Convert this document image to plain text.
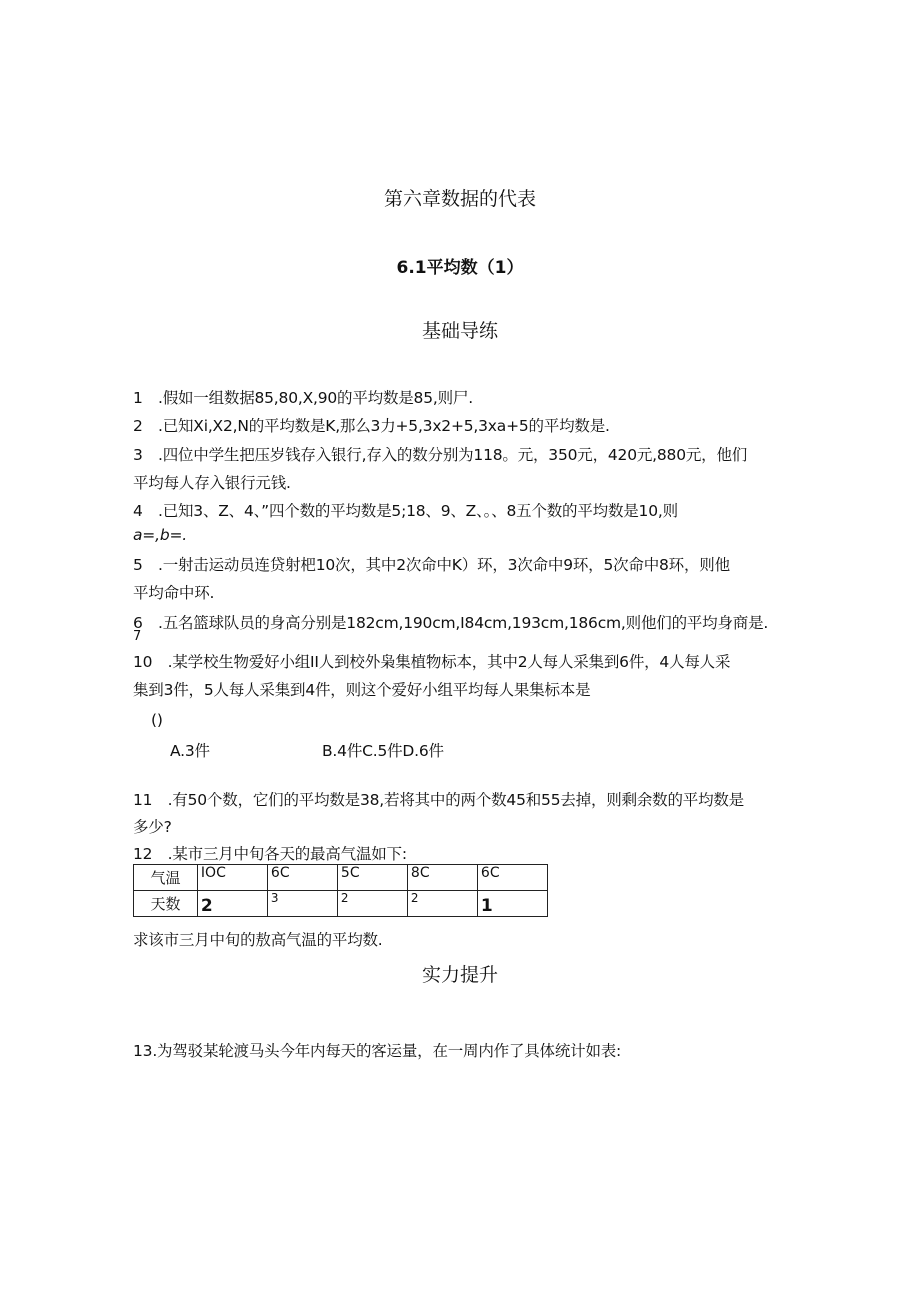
第六章数据的代表
6.1平均数（1）
基础导练
1　.假如一组数据85,80,X,90的平均数是85,则尸.
2　.已知Xi,X2,N的平均数是K,那么3力+5,3x2+5,3xa+5的平均数是.
3　.四位中学生把压岁钱存入银行,存入的数分别为118。元，350元，420元,880元，他们
平均每人存入银行元钱.
4　.已知3、Z、4、”四个数的平均数是5;18、9、Z、。、8五个数的平均数是10,则
a=,b=.
5　.一射击运动员连贷射杷10次，其中2次命中K）环，3次命中9环，5次命中8环，则他
平均命中环.
6　.五名篮球队员的身高分别是182cm,190cm,I84cm,193cm,186cm,则他们的平均身商是.
7
10　.某学校生物爱好小组II人到校外枭集植物标本，其中2人每人采集到6件，4人每人采
集到3件，5人每人采集到4件，则这个爱好小组平均每人果集标本是
()
A.3件	B.4件C.5件D.6件
11　.有50个数，它们的平均数是38,若将其中的两个数45和55去掉，则剩余数的平均数是
多少?
12　.某市三月中旬各天的最高气温如下:
气温	IOC	6C	5C	8C	6C
天数	2	3	2	2	1
求该市三月中旬的敖高气温的平均数.
实力提升
13.为驾驳某轮渡马头今年内每天的客运量，在一周内作了具体统计如表:
